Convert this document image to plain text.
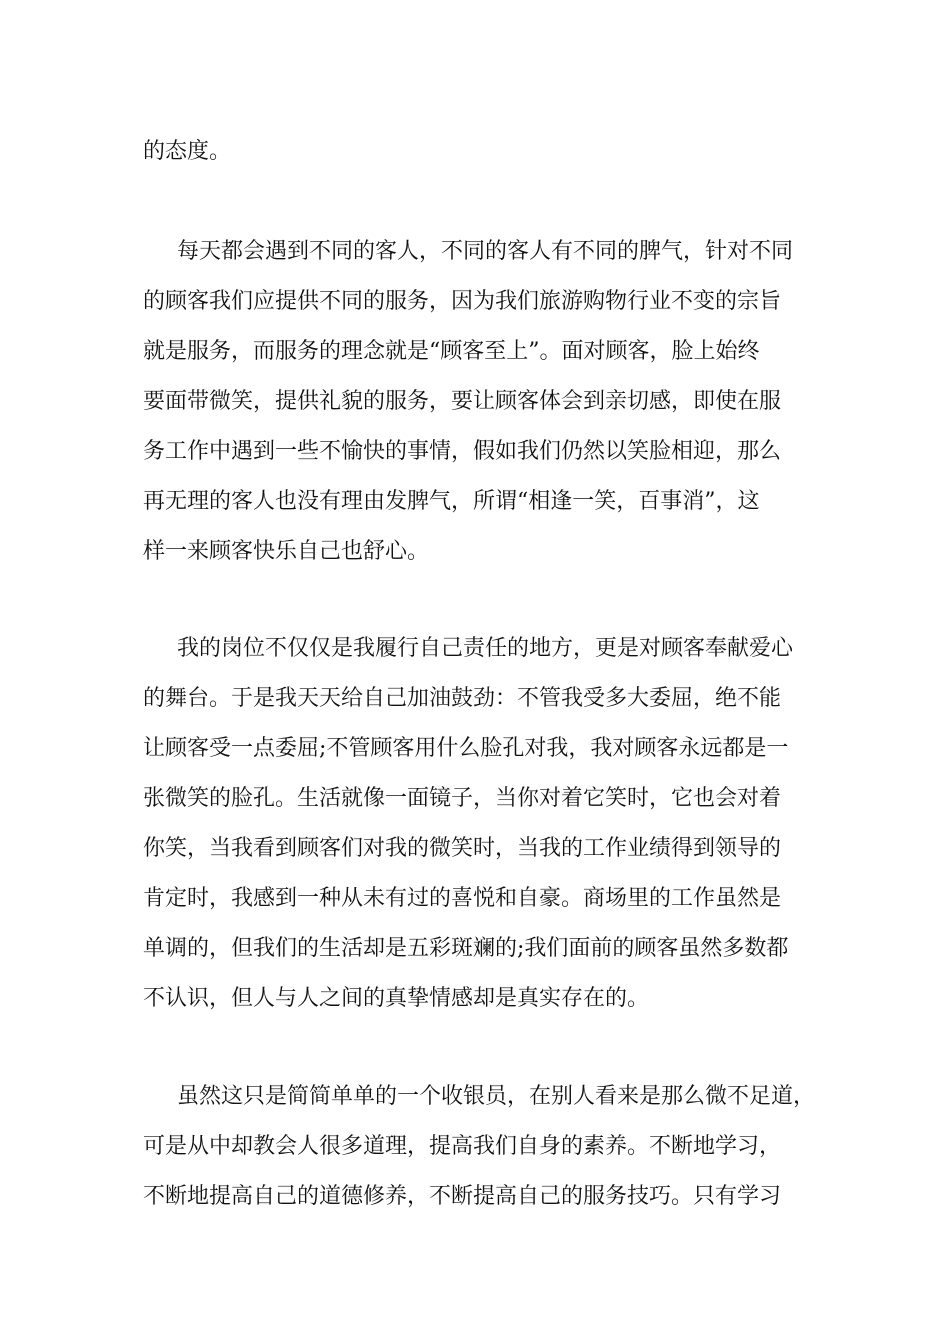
的态度。
每天都会遇到不同的客人，不同的客人有不同的脾气，针对不同
的顾客我们应提供不同的服务，因为我们旅游购物行业不变的宗旨
就是服务，而服务的理念就是“顾客至上”。面对顾客，脸上始终
要面带微笑，提供礼貌的服务，要让顾客体会到亲切感，即使在服
务工作中遇到一些不愉快的事情，假如我们仍然以笑脸相迎，那么
再无理的客人也没有理由发脾气，所谓“相逢一笑，百事消”，这
样一来顾客快乐自己也舒心。
我的岗位不仅仅是我履行自己责任的地方，更是对顾客奉献爱心
的舞台。于是我天天给自己加油鼓劲：不管我受多大委屈，绝不能
让顾客受一点委屈;不管顾客用什么脸孔对我，我对顾客永远都是一
张微笑的脸孔。生活就像一面镜子，当你对着它笑时，它也会对着
你笑，当我看到顾客们对我的微笑时，当我的工作业绩得到领导的
肯定时，我感到一种从未有过的喜悦和自豪。商场里的工作虽然是
单调的，但我们的生活却是五彩斑斓的;我们面前的顾客虽然多数都
不认识，但人与人之间的真挚情感却是真实存在的。
虽然这只是简简单单的一个收银员，在别人看来是那么微不足道，
可是从中却教会人很多道理，提高我们自身的素养。不断地学习，
不断地提高自己的道德修养，不断提高自己的服务技巧。只有学习
